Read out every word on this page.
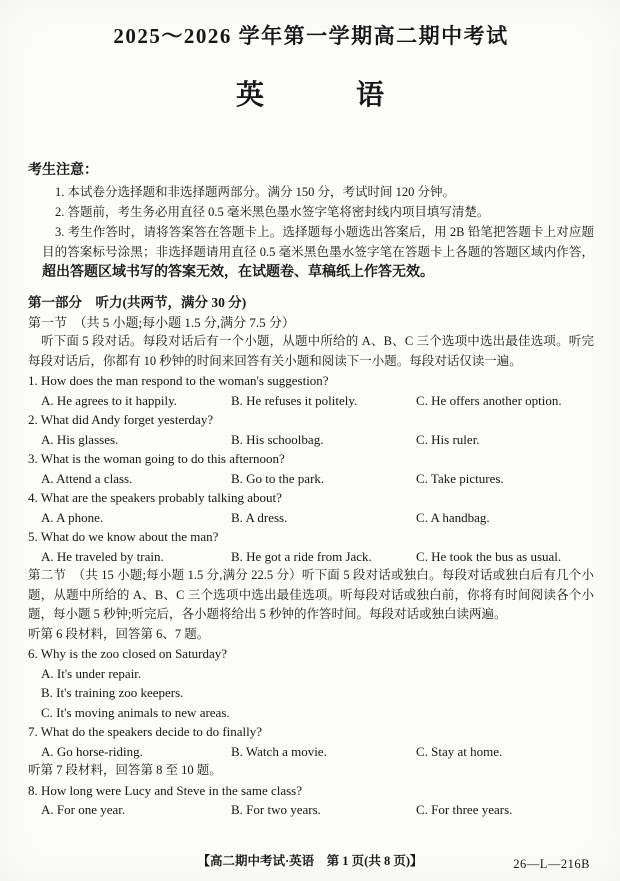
2025～2026 学年第一学期高二期中考试
英　　　语
考生注意：
1. 本试卷分选择题和非选择题两部分。满分 150 分，考试时间 120 分钟。
2. 答题前，考生务必用直径 0.5 毫米黑色墨水签字笔将密封线内项目填写清楚。
3. 考生作答时，请将答案答在答题卡上。选择题每小题选出答案后，用 2B 铅笔把答题卡上对应题目的答案标号涂黑；非选择题请用直径 0.5 毫米黑色墨水签字笔在答题卡上各题的答题区域内作答，超出答题区域书写的答案无效，在试题卷、草稿纸上作答无效。
第一部分　听力(共两节，满分 30 分)
第一节　（共 5 小题;每小题 1.5 分,满分 7.5 分）
听下面 5 段对话。每段对话后有一个小题，从题中所给的 A、B、C 三个选项中选出最佳选项。听完每段对话后，你都有 10 秒钟的时间来回答有关小题和阅读下一小题。每段对话仅读一遍。
1. How does the man respond to the woman's suggestion?
A. He agrees to it happily.	B. He refuses it politely.	C. He offers another option.
2. What did Andy forget yesterday?
A. His glasses.	B. His schoolbag.	C. His ruler.
3. What is the woman going to do this afternoon?
A. Attend a class.	B. Go to the park.	C. Take pictures.
4. What are the speakers probably talking about?
A. A phone.	B. A dress.	C. A handbag.
5. What do we know about the man?
A. He traveled by train.	B. He got a ride from Jack.	C. He took the bus as usual.
第二节　（共 15 小题;每小题 1.5 分,满分 22.5 分）听下面 5 段对话或独白。每段对话或独白后有几个小题，从题中所给的 A、B、C 三个选项中选出最佳选项。听每段对话或独白前，你将有时间阅读各个小题，每小题 5 秒钟;听完后，各小题将给出 5 秒钟的作答时间。每段对话或独白读两遍。
听第 6 段材料，回答第 6、7 题。
6. Why is the zoo closed on Saturday?
A. It's under repair.
B. It's training zoo keepers.
C. It's moving animals to new areas.
7. What do the speakers decide to do finally?
A. Go horse-riding.	B. Watch a movie.	C. Stay at home.
听第 7 段材料，回答第 8 至 10 题。
8. How long were Lucy and Steve in the same class?
A. For one year.	B. For two years.	C. For three years.
【高二期中考试·英语　第 1 页(共 8 页)】	26—L—216B
